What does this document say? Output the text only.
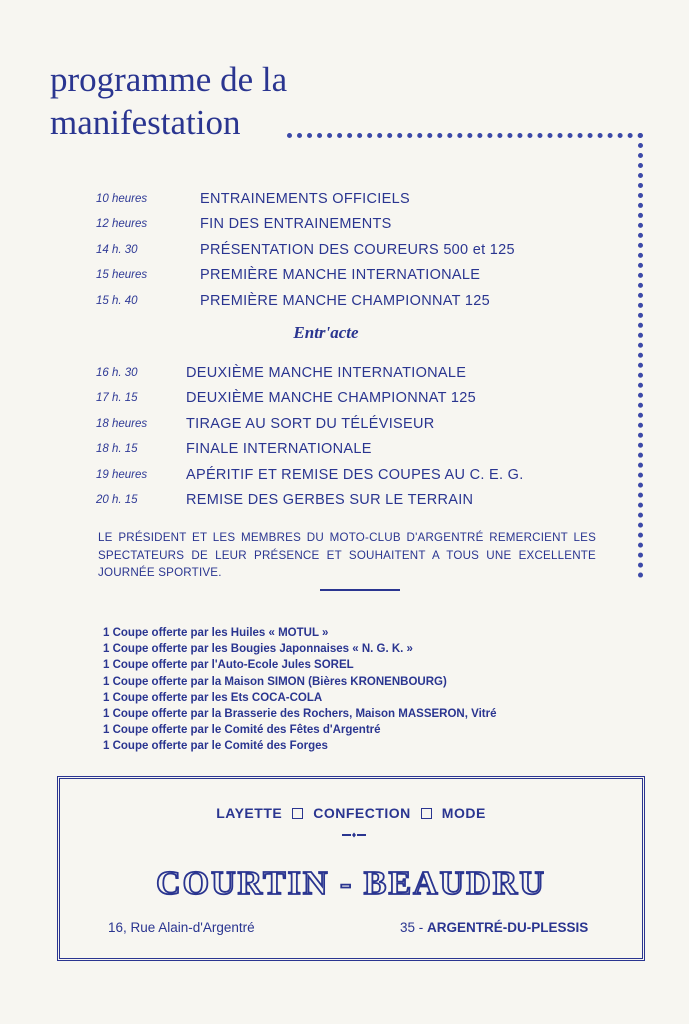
programme de la
manifestation
10 heures	ENTRAINEMENTS OFFICIELS
12 heures	FIN DES ENTRAINEMENTS
14 h. 30	PRÉSENTATION DES COUREURS 500 et 125
15 heures	PREMIÈRE MANCHE INTERNATIONALE
15 h. 40	PREMIÈRE MANCHE CHAMPIONNAT 125
Entr'acte
16 h. 30	DEUXIÈME MANCHE INTERNATIONALE
17 h. 15	DEUXIÈME MANCHE CHAMPIONNAT 125
18 heures	TIRAGE AU SORT DU TÉLÉVISEUR
18 h. 15	FINALE INTERNATIONALE
19 heures	APÉRITIF ET REMISE DES COUPES AU C. E. G.
20 h. 15	REMISE DES GERBES SUR LE TERRAIN

LE PRÉSIDENT ET LES MEMBRES DU MOTO-CLUB D'ARGENTRÉ REMERCIENT LES SPECTATEURS DE LEUR PRÉSENCE ET SOUHAITENT A TOUS UNE EXCELLENTE JOURNÉE SPORTIVE.

1 Coupe offerte par les Huiles « MOTUL »
1 Coupe offerte par les Bougies Japonnaises « N. G. K. »
1 Coupe offerte par l'Auto-Ecole Jules SOREL
1 Coupe offerte par la Maison SIMON (Bières KRONENBOURG)
1 Coupe offerte par les Ets COCA-COLA
1 Coupe offerte par la Brasserie des Rochers, Maison MASSERON, Vitré
1 Coupe offerte par le Comité des Fêtes d'Argentré
1 Coupe offerte par le Comité des Forges
LAYETTE CONFECTION MODE
COURTIN - BEAUDRU
16, Rue Alain-d'Argentré	35 - ARGENTRÉ-DU-PLESSIS
